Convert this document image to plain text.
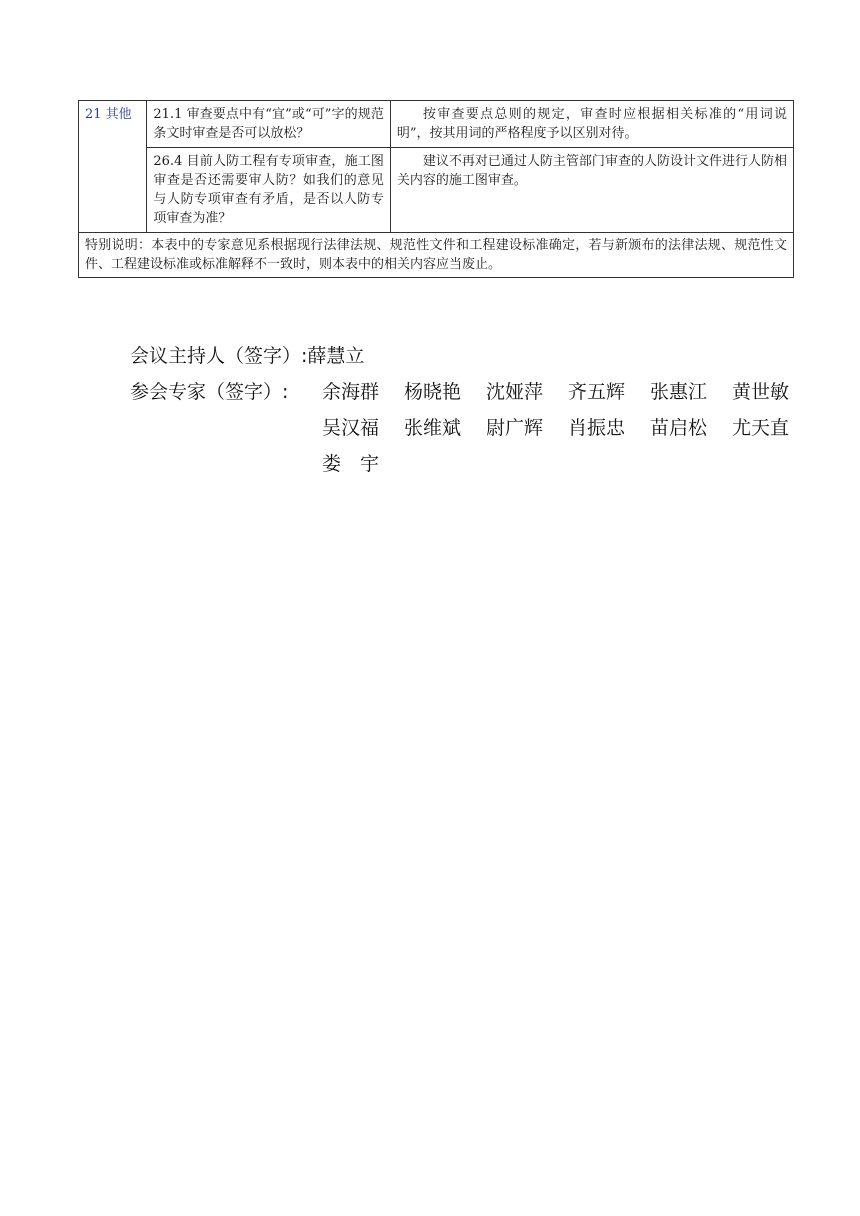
21 其他	21.1 审查要点中有“宜”或“可”字的规范条文时审查是否可以放松？	按审查要点总则的规定，审查时应根据相关标准的“用词说明”，按其用词的严格程度予以区别对待。
	26.4 目前人防工程有专项审查，施工图审查是否还需要审人防？如我们的意见与人防专项审查有矛盾，是否以人防专项审查为准？	建议不再对已通过人防主管部门审查的人防设计文件进行人防相关内容的施工图审查。
特别说明：本表中的专家意见系根据现行法律法规、规范性文件和工程建设标准确定，若与新颁布的法律法规、规范性文件、工程建设标准或标准解释不一致时，则本表中的相关内容应当废止。		
会议主持人（签字）: 薛慧立
参会专家（签字）:	余海群	杨晓艳	沈娅萍	齐五辉	张惠江	黄世敏
吴汉福	张维斌	尉广辉	肖振忠	苗启松	尤天直
娄　宇
